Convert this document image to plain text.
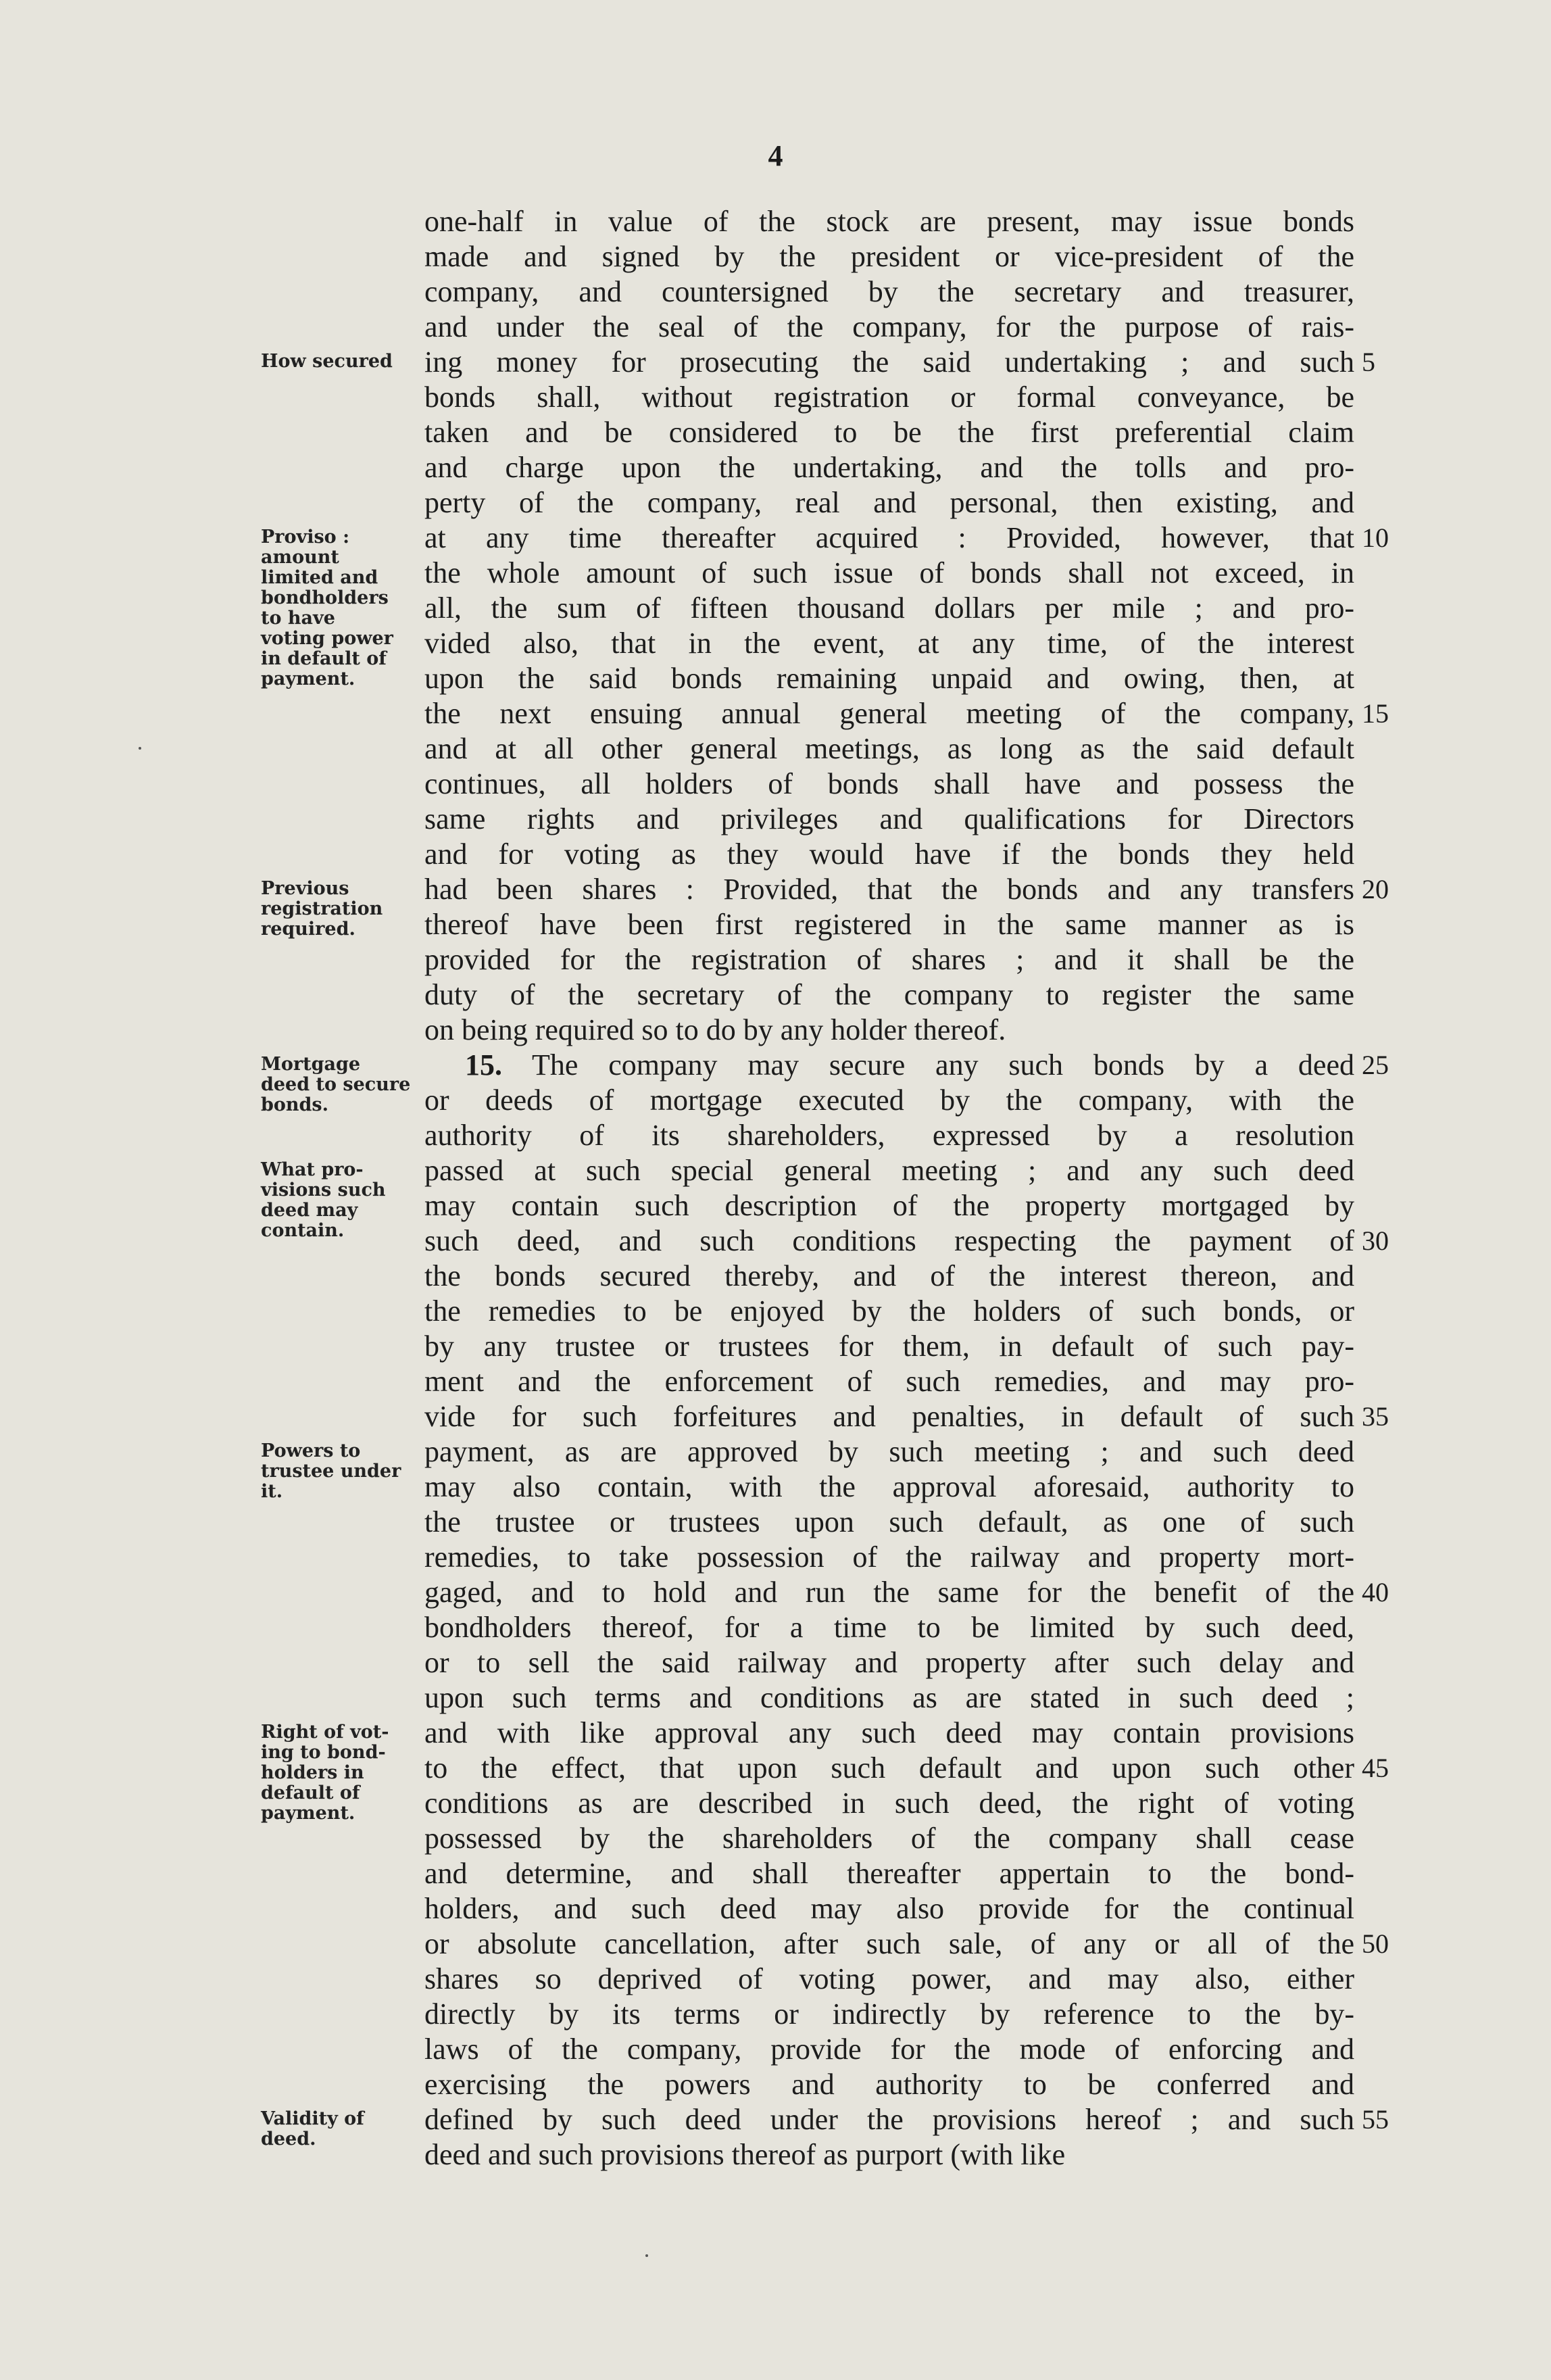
4
one-half in value of the stock are present, may issue bonds
made and signed by the president or vice-president of the
company, and countersigned by the secretary and treasurer,
and under the seal of the company, for the purpose of rais-
ing money for prosecuting the said undertaking ; and such
bonds shall, without registration or formal conveyance, be
taken and be considered to be the first preferential claim
and charge upon the undertaking, and the tolls and pro-
perty of the company, real and personal, then existing, and
at any time thereafter acquired : Provided, however, that
the whole amount of such issue of bonds shall not exceed, in
all, the sum of fifteen thousand dollars per mile ; and pro-
vided also, that in the event, at any time, of the interest
upon the said bonds remaining unpaid and owing, then, at
the next ensuing annual general meeting of the company,
and at all other general meetings, as long as the said default
continues, all holders of bonds shall have and possess the
same rights and privileges and qualifications for Directors
and for voting as they would have if the bonds they held
had been shares : Provided, that the bonds and any transfers
thereof have been first registered in the same manner as is
provided for the registration of shares ; and it shall be the
duty of the secretary of the company to register the same
on being required so to do by any holder thereof.
15. The company may secure any such bonds by a deed
or deeds of mortgage executed by the company, with the
authority of its shareholders, expressed by a resolution
passed at such special general meeting ; and any such deed
may contain such description of the property mortgaged by
such deed, and such conditions respecting the payment of
the bonds secured thereby, and of the interest thereon, and
the remedies to be enjoyed by the holders of such bonds, or
by any trustee or trustees for them, in default of such pay-
ment and the enforcement of such remedies, and may pro-
vide for such forfeitures and penalties, in default of such
payment, as are approved by such meeting ; and such deed
may also contain, with the approval aforesaid, authority to
the trustee or trustees upon such default, as one of such
remedies, to take possession of the railway and property mort-
gaged, and to hold and run the same for the benefit of the
bondholders thereof, for a time to be limited by such deed,
or to sell the said railway and property after such delay and
upon such terms and conditions as are stated in such deed ;
and with like approval any such deed may contain provisions
to the effect, that upon such default and upon such other
conditions as are described in such deed, the right of voting
possessed by the shareholders of the company shall cease
and determine, and shall thereafter appertain to the bond-
holders, and such deed may also provide for the continual
or absolute cancellation, after such sale, of any or all of the
shares so deprived of voting power, and may also, either
directly by its terms or indirectly by reference to the by-
laws of the company, provide for the mode of enforcing and
exercising the powers and authority to be conferred and
defined by such deed under the provisions hereof ; and such
deed and such provisions thereof as purport (with like
How secured
Proviso :
amount
limited and
bondholders
to have
voting power
in default of
payment.
Previous
registration
required.
Mortgage
deed to secure
bonds.
What pro-
visions such
deed may
contain.
Powers to
trustee under
it.
Right of vot-
ing to bond-
holders in
default of
payment.
Validity of
deed.
5
10
15
20
25
30
35
40
45
50
55
